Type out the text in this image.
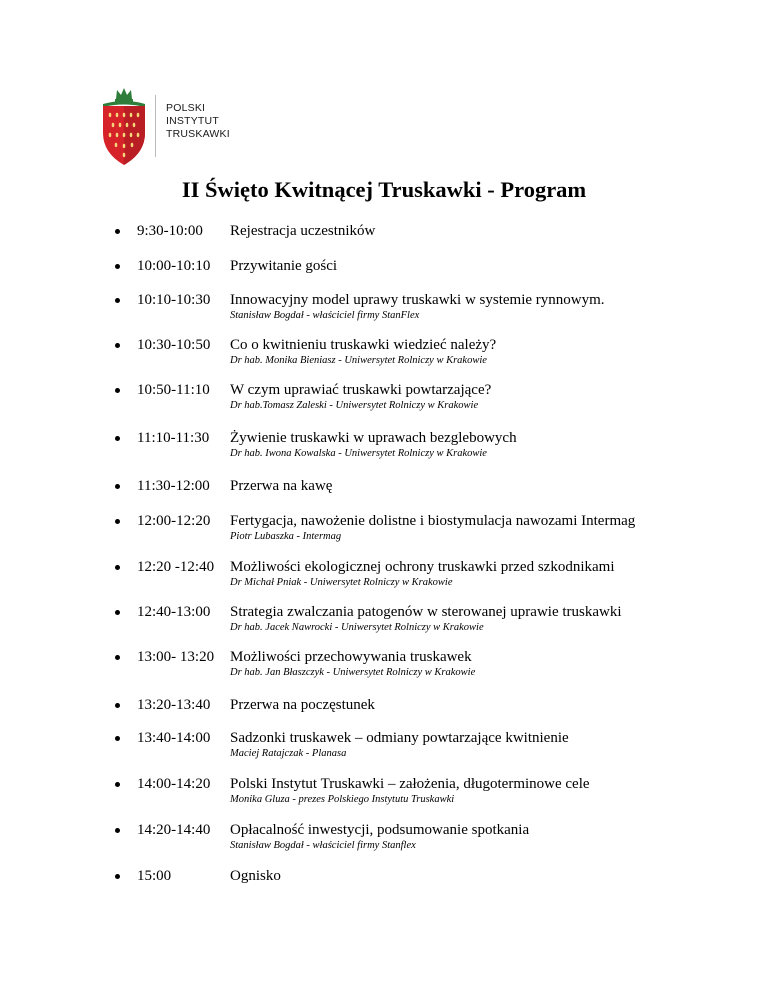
POLSKI
INSTYTUT
TRUSKAWKI
II Święto Kwitnącej Truskawki - Program
9:30-10:00 Rejestracja uczestników
10:00-10:10 Przywitanie gości
10:10-10:30 Innowacyjny model uprawy truskawki w systemie rynnowym.
Stanisław Bogdał - właściciel firmy StanFlex
10:30-10:50 Co o kwitnieniu truskawki wiedzieć należy?
Dr hab. Monika Bieniasz - Uniwersytet Rolniczy w Krakowie
10:50-11:10 W czym uprawiać truskawki powtarzające?
Dr hab.Tomasz Zaleski - Uniwersytet Rolniczy w Krakowie
11:10-11:30 Żywienie truskawki w uprawach bezglebowych
Dr hab. Iwona Kowalska - Uniwersytet Rolniczy w Krakowie
11:30-12:00 Przerwa na kawę
12:00-12:20 Fertygacja, nawożenie dolistne i biostymulacja nawozami Intermag
Piotr Lubaszka - Intermag
12:20 -12:40 Możliwości ekologicznej ochrony truskawki przed szkodnikami
Dr Michał Pniak - Uniwersytet Rolniczy w Krakowie
12:40-13:00 Strategia zwalczania patogenów w sterowanej uprawie truskawki
Dr hab. Jacek Nawrocki - Uniwersytet Rolniczy w Krakowie
13:00- 13:20 Możliwości przechowywania truskawek
Dr hab. Jan Błaszczyk - Uniwersytet Rolniczy w Krakowie
13:20-13:40 Przerwa na poczęstunek
13:40-14:00 Sadzonki truskawek – odmiany powtarzające kwitnienie
Maciej Ratajczak - Planasa
14:00-14:20 Polski Instytut Truskawki – założenia, długoterminowe cele
Monika Gluza - prezes Polskiego Instytutu Truskawki
14:20-14:40 Opłacalność inwestycji, podsumowanie spotkania
Stanisław Bogdał - właściciel firmy Stanflex
15:00	Ognisko
